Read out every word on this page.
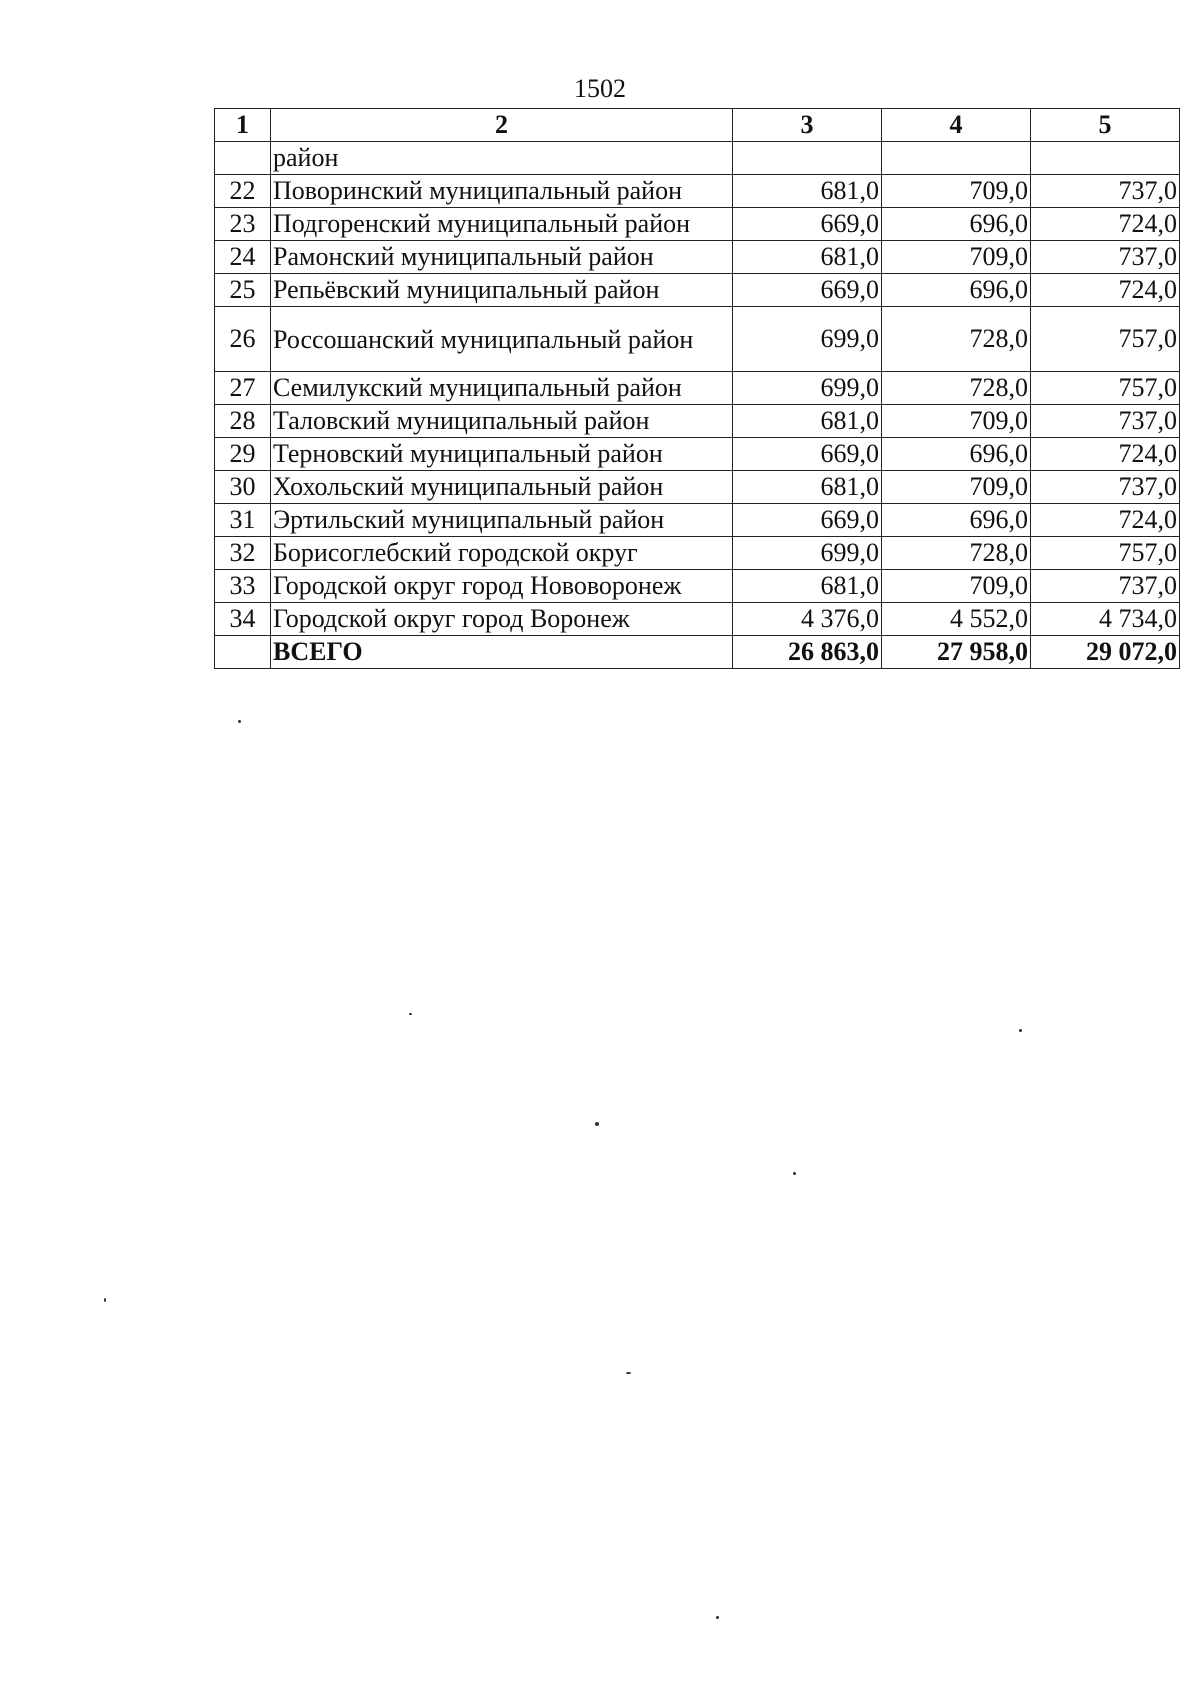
1502
1	2	3	4	5
	район			
22	Поворинский муниципальный район	681,0	709,0	737,0
23	Подгоренский муниципальный район	669,0	696,0	724,0
24	Рамонский муниципальный район	681,0	709,0	737,0
25	Репьёвский муниципальный район	669,0	696,0	724,0
26	Россошанский муниципальный район	699,0	728,0	757,0
27	Семилукский муниципальный район	699,0	728,0	757,0
28	Таловский муниципальный район	681,0	709,0	737,0
29	Терновский муниципальный район	669,0	696,0	724,0
30	Хохольский муниципальный район	681,0	709,0	737,0
31	Эртильский муниципальный район	669,0	696,0	724,0
32	Борисоглебский городской округ	699,0	728,0	757,0
33	Городской округ город Нововоронеж	681,0	709,0	737,0
34	Городской округ город Воронеж	4 376,0	4 552,0	4 734,0
	ВСЕГО	26 863,0	27 958,0	29 072,0
